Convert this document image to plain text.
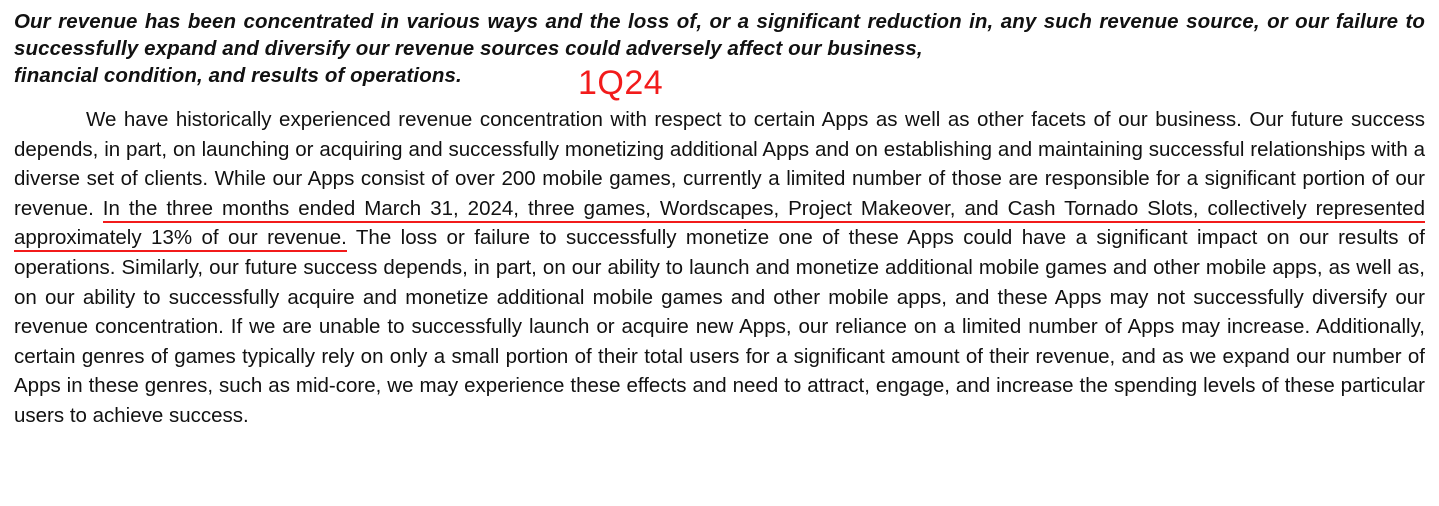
Our revenue has been concentrated in various ways and the loss of, or a significant reduction in, any such revenue source, or our failure to successfully expand and diversify our revenue sources could adversely affect our business,
financial condition, and results of operations.	1Q24

We have historically experienced revenue concentration with respect to certain Apps as well as other facets of our business. Our future success depends, in part, on launching or acquiring and successfully monetizing additional Apps and on establishing and maintaining successful relationships with a diverse set of clients. While our Apps consist of over 200 mobile games, currently a limited number of those are responsible for a significant portion of our revenue. In the three months ended March 31, 2024, three games, Wordscapes, Project Makeover, and Cash Tornado Slots, collectively represented approximately 13% of our revenue. The loss or failure to successfully monetize one of these Apps could have a significant impact on our results of operations. Similarly, our future success depends, in part, on our ability to launch and monetize additional mobile games and other mobile apps, as well as, on our ability to successfully acquire and monetize additional mobile games and other mobile apps, and these Apps may not successfully diversify our revenue concentration. If we are unable to successfully launch or acquire new Apps, our reliance on a limited number of Apps may increase. Additionally, certain genres of games typically rely on only a small portion of their total users for a significant amount of their revenue, and as we expand our number of Apps in these genres, such as mid-core, we may experience these effects and need to attract, engage, and increase the spending levels of these particular users to achieve success.
